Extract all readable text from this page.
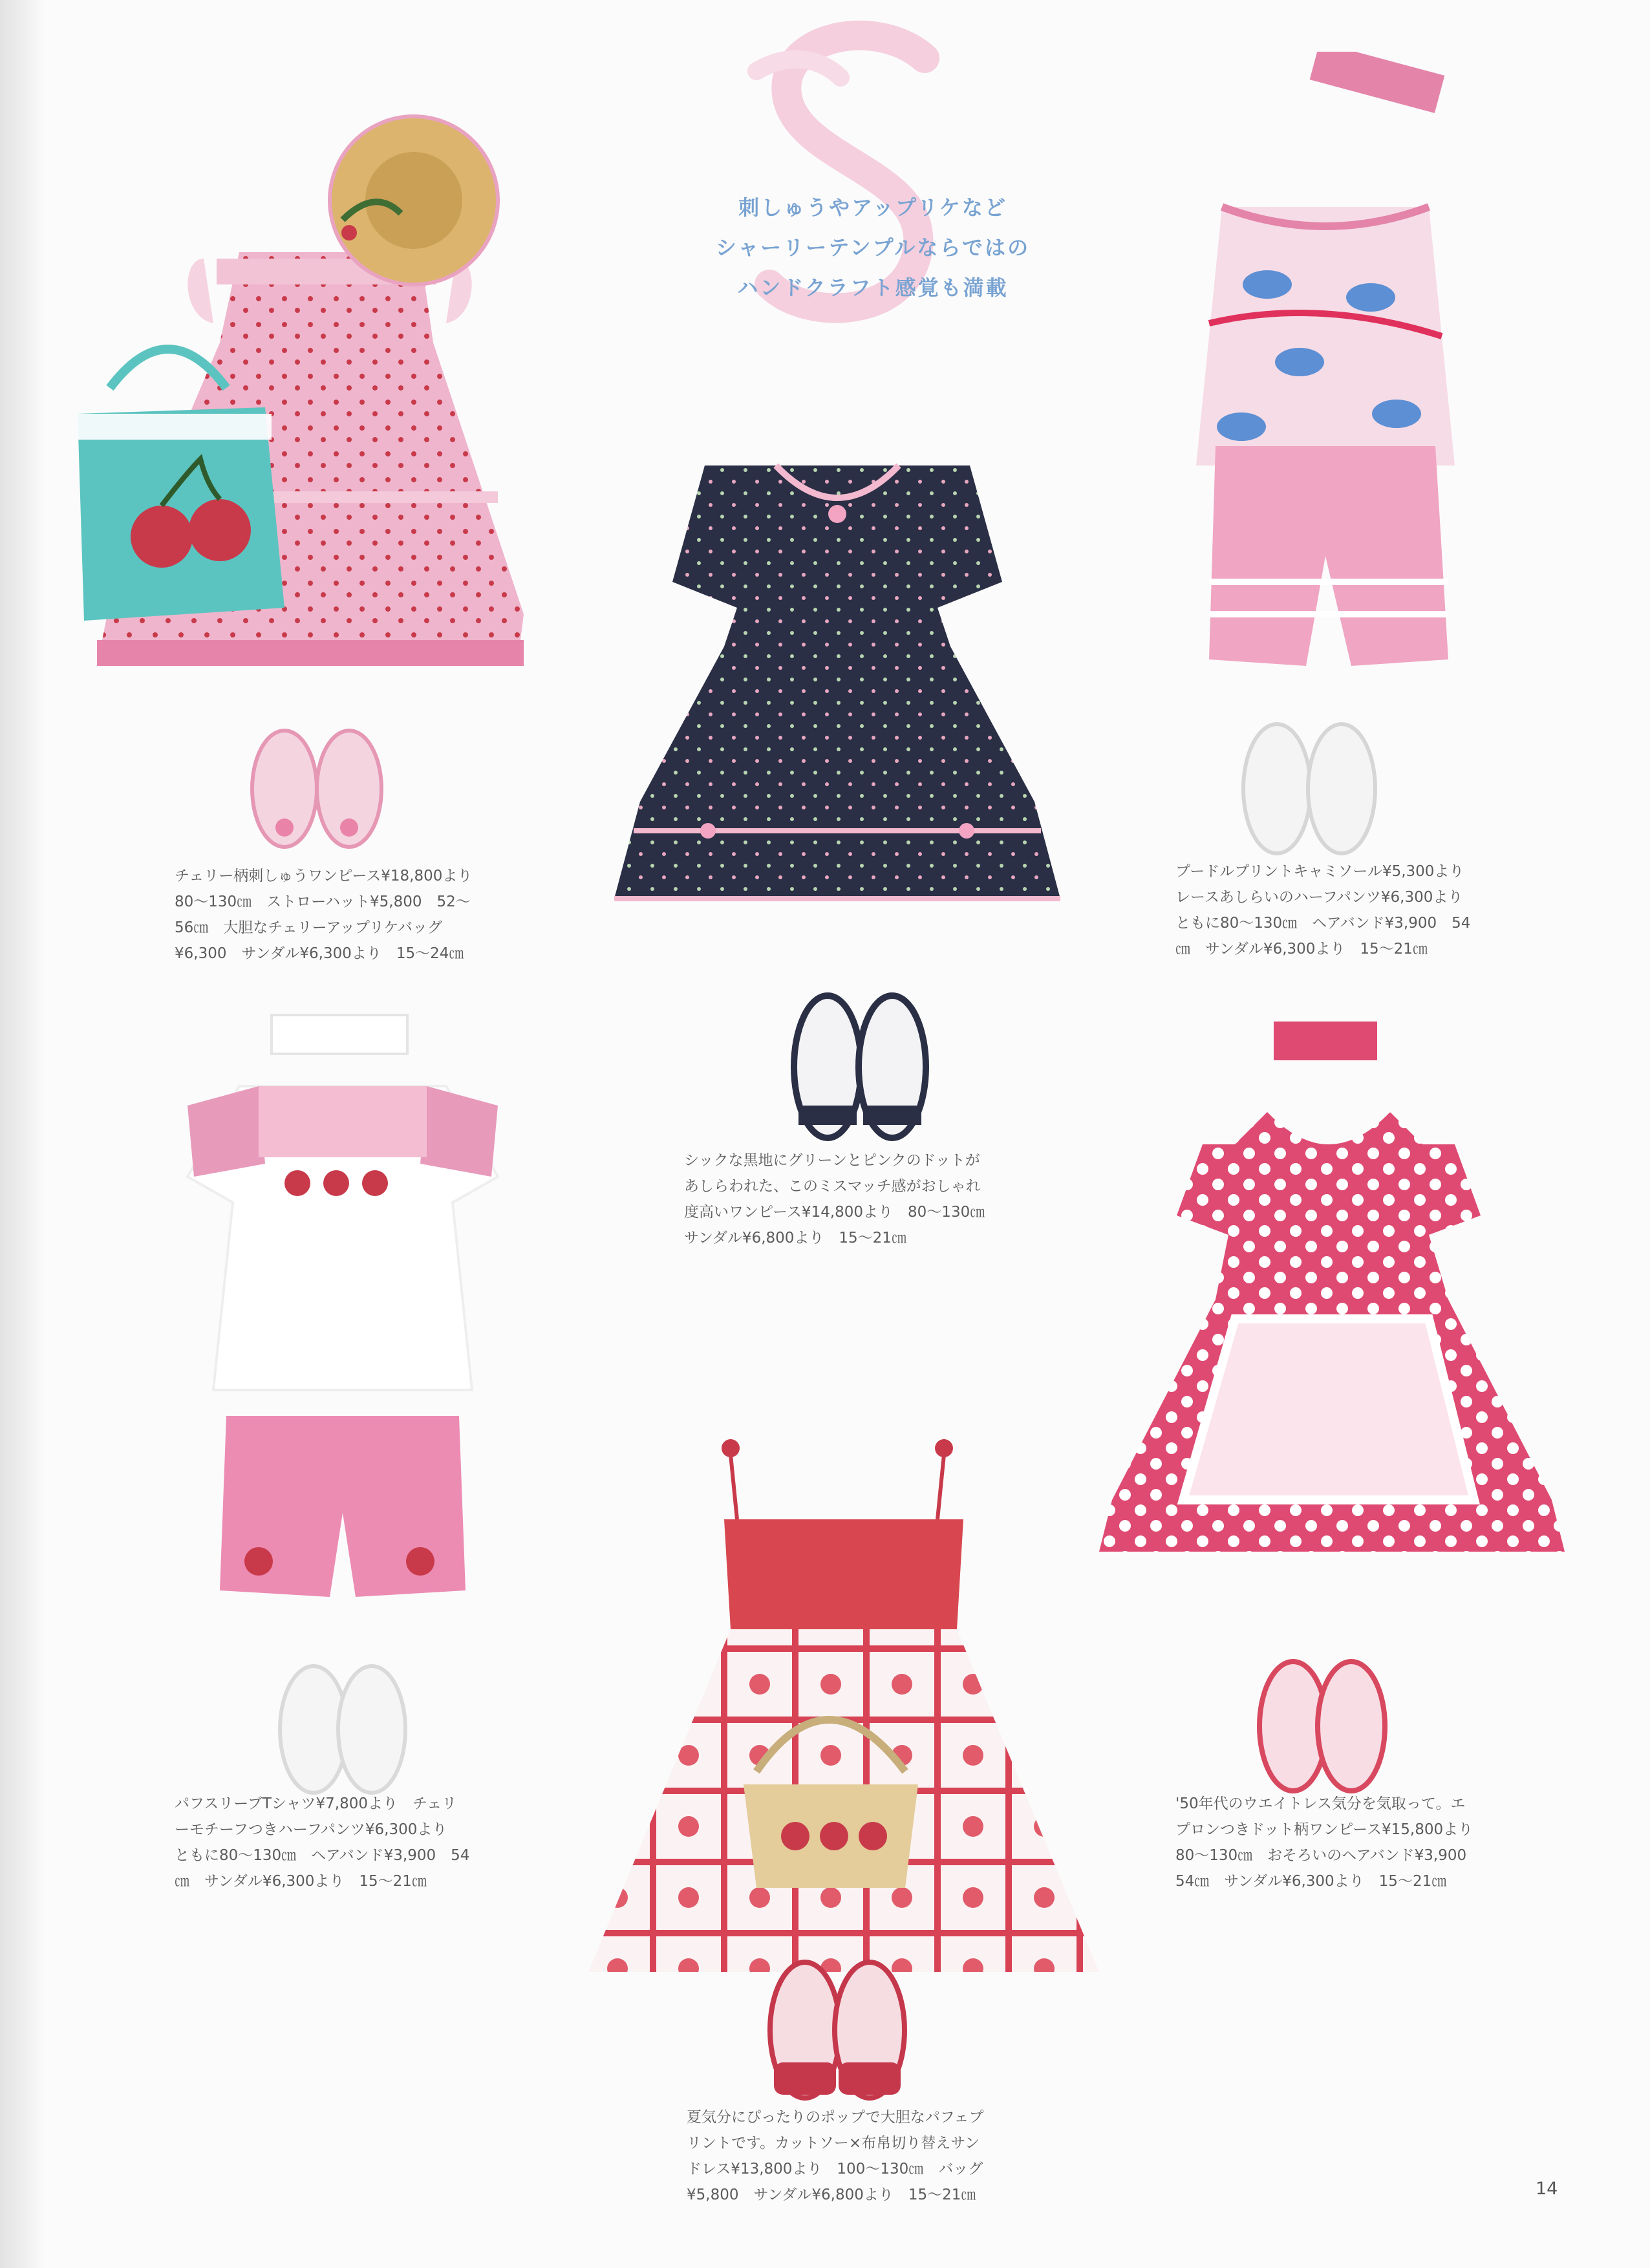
刺しゅうやアップリケなど
シャーリーテンプルならではの
ハンドクラフト感覚も満載
チェリー柄刺しゅうワンピース¥18,800より
80～130㎝　ストローハット¥5,800　52～
56㎝　大胆なチェリーアップリケバッグ
¥6,300　サンダル¥6,300より　15～24㎝
シックな黒地にグリーンとピンクのドットが
あしらわれた、このミスマッチ感がおしゃれ
度高いワンピース¥14,800より　80～130㎝
サンダル¥6,800より　15～21㎝
プードルプリントキャミソール¥5,300より
レースあしらいのハーフパンツ¥6,300より
ともに80～130㎝　ヘアバンド¥3,900　54
㎝　サンダル¥6,300より　15～21㎝
パフスリーブTシャツ¥7,800より　チェリ
ーモチーフつきハーフパンツ¥6,300より
ともに80～130㎝　ヘアバンド¥3,900　54
㎝　サンダル¥6,300より　15～21㎝
'50年代のウエイトレス気分を気取って。エ
プロンつきドット柄ワンピース¥15,800より
80～130㎝　おそろいのヘアバンド¥3,900
54㎝　サンダル¥6,300より　15～21㎝
夏気分にぴったりのポップで大胆なパフェプ
リントです。カットソー×布帛切り替えサン
ドレス¥13,800より　100～130㎝　バッグ
¥5,800　サンダル¥6,800より　15～21㎝	14
